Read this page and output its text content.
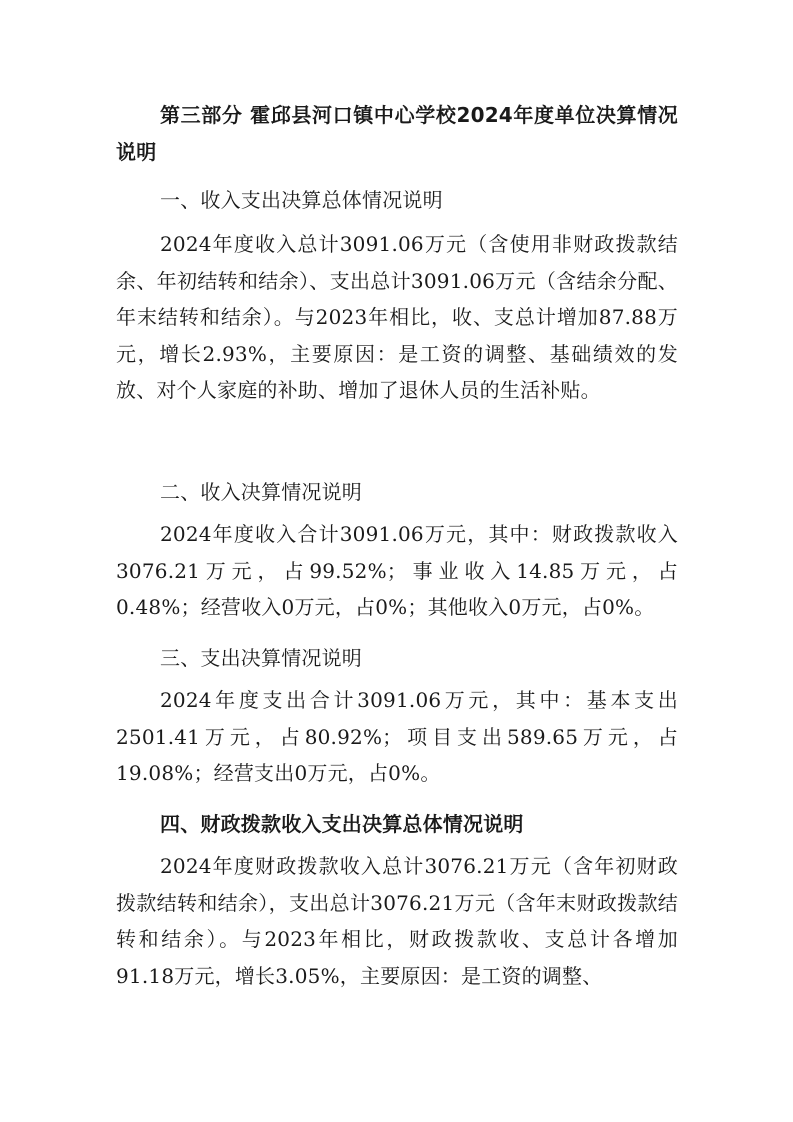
第三部分 霍邱县河口镇中心学校2024年度单位决算情况说明

一、收入支出决算总体情况说明

2024年度收入总计3091.06万元（含使用非财政拨款结余、年初结转和结余）、支出总计3091.06万元（含结余分配、年末结转和结余）。与2023年相比，收、支总计增加87.88万元，增长2.93%，主要原因：是工资的调整、基础绩效的发放、对个人家庭的补助、增加了退休人员的生活补贴。

二、收入决算情况说明

2024年度收入合计3091.06万元，其中：财政拨款收入3076.21万元，占99.52%；事业收入14.85万元，占0.48%；经营收入0万元，占0%；其他收入0万元，占0%。

三、支出决算情况说明

2024年度支出合计3091.06万元，其中：基本支出2501.41万元，占80.92%；项目支出589.65万元，占19.08%；经营支出0万元，占0%。

四、财政拨款收入支出决算总体情况说明

2024年度财政拨款收入总计3076.21万元（含年初财政拨款结转和结余），支出总计3076.21万元（含年末财政拨款结转和结余）。与2023年相比，财政拨款收、支总计各增加91.18万元，增长3.05%，主要原因：是工资的调整、
